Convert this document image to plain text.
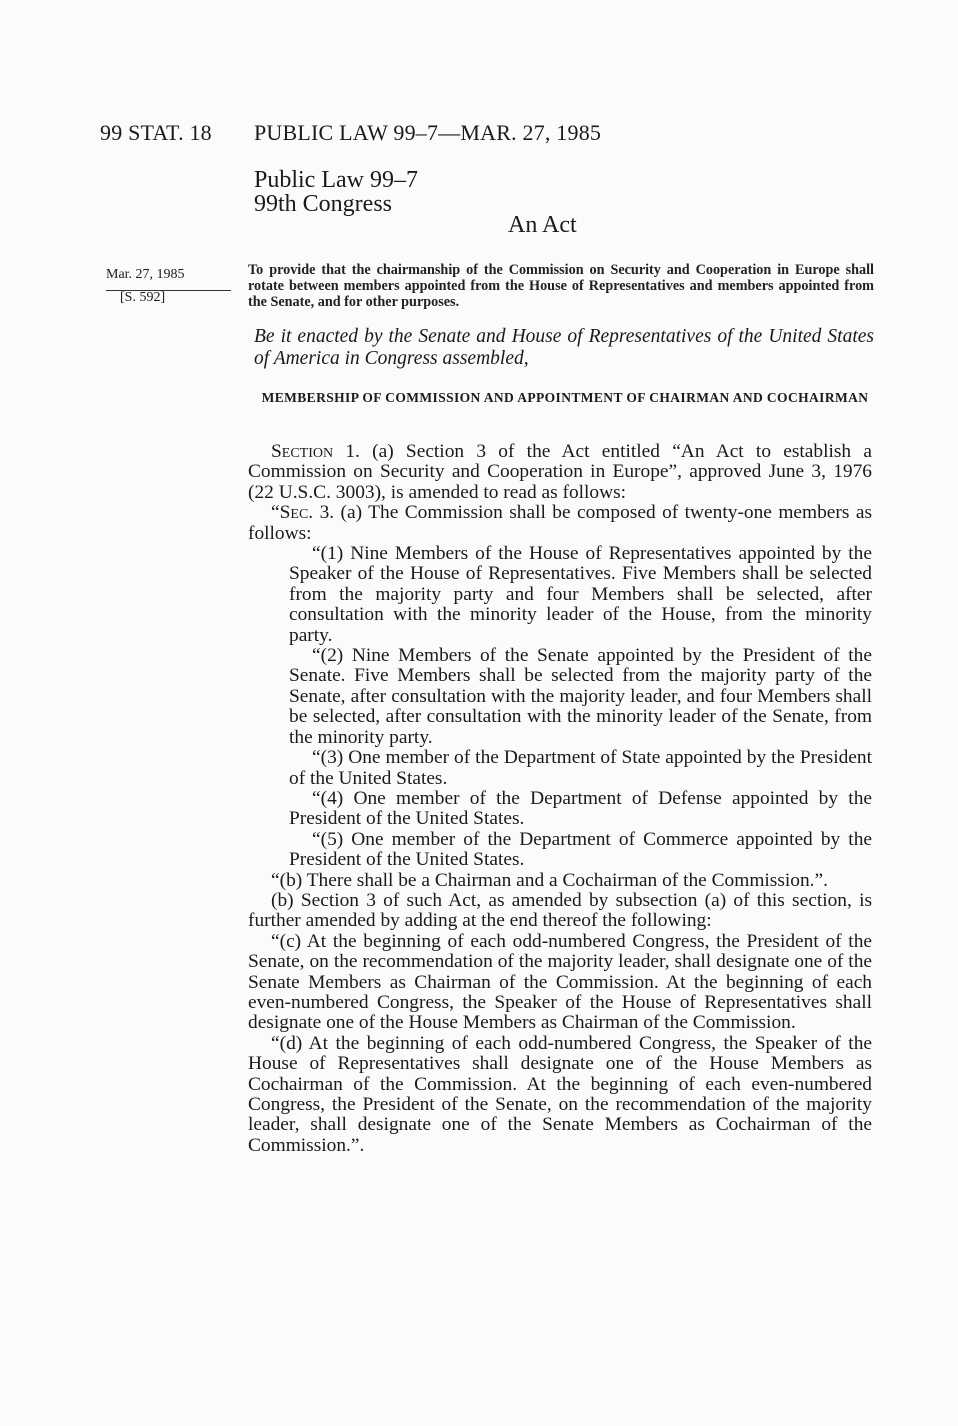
99 STAT. 18 PUBLIC LAW 99–7—MAR. 27, 1985
Public Law 99–7
99th Congress
An Act
Mar. 27, 1985
[S. 592]
To provide that the chairmanship of the Commission on Security and Cooperation in Europe shall rotate between members appointed from the House of Representatives and members appointed from the Senate, and for other purposes.
Be it enacted by the Senate and House of Representatives of the United States of America in Congress assembled,
MEMBERSHIP OF COMMISSION AND APPOINTMENT OF CHAIRMAN AND COCHAIRMAN

Section 1. (a) Section 3 of the Act entitled “An Act to establish a Commission on Security and Cooperation in Europe”, approved June 3, 1976 (22 U.S.C. 3003), is amended to read as follows:

“Sec. 3. (a) The Commission shall be composed of twenty-one members as follows:

“(1) Nine Members of the House of Representatives appointed by the Speaker of the House of Representatives. Five Members shall be selected from the majority party and four Members shall be selected, after consultation with the minority leader of the House, from the minority party.

“(2) Nine Members of the Senate appointed by the President of the Senate. Five Members shall be selected from the majority party of the Senate, after consultation with the majority leader, and four Members shall be selected, after consultation with the minority leader of the Senate, from the minority party.

“(3) One member of the Department of State appointed by the President of the United States.

“(4) One member of the Department of Defense appointed by the President of the United States.

“(5) One member of the Department of Commerce appointed by the President of the United States.

“(b) There shall be a Chairman and a Cochairman of the Commission.”.

(b) Section 3 of such Act, as amended by subsection (a) of this section, is further amended by adding at the end thereof the following:

“(c) At the beginning of each odd-numbered Congress, the President of the Senate, on the recommendation of the majority leader, shall designate one of the Senate Members as Chairman of the Commission. At the beginning of each even-numbered Congress, the Speaker of the House of Representatives shall designate one of the House Members as Chairman of the Commission.

“(d) At the beginning of each odd-numbered Congress, the Speaker of the House of Representatives shall designate one of the House Members as Cochairman of the Commission. At the beginning of each even-numbered Congress, the President of the Senate, on the recommendation of the majority leader, shall designate one of the Senate Members as Cochairman of the Commission.”.
